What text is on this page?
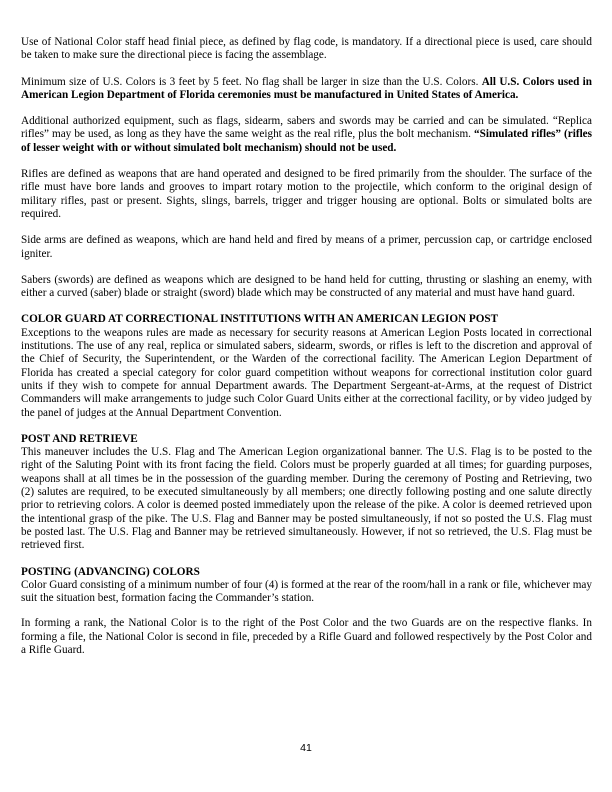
Use of National Color staff head finial piece, as defined by flag code, is mandatory. If a directional piece is used, care should be taken to make sure the directional piece is facing the assemblage.

Minimum size of U.S. Colors is 3 feet by 5 feet. No flag shall be larger in size than the U.S. Colors. All U.S. Colors used in American Legion Department of Florida ceremonies must be manufactured in United States of America.

Additional authorized equipment, such as flags, sidearm, sabers and swords may be carried and can be simulated. “Replica rifles” may be used, as long as they have the same weight as the real rifle, plus the bolt mechanism. “Simulated rifles” (rifles of lesser weight with or without simulated bolt mechanism) should not be used.

Rifles are defined as weapons that are hand operated and designed to be fired primarily from the shoulder. The surface of the rifle must have bore lands and grooves to impart rotary motion to the projectile, which conform to the original design of military rifles, past or present. Sights, slings, barrels, trigger and trigger housing are optional. Bolts or simulated bolts are required.

Side arms are defined as weapons, which are hand held and fired by means of a primer, percussion cap, or cartridge enclosed igniter.

Sabers (swords) are defined as weapons which are designed to be hand held for cutting, thrusting or slashing an enemy, with either a curved (saber) blade or straight (sword) blade which may be constructed of any material and must have hand guard.

COLOR GUARD AT CORRECTIONAL INSTITUTIONS WITH AN AMERICAN LEGION POST
Exceptions to the weapons rules are made as necessary for security reasons at American Legion Posts located in correctional institutions. The use of any real, replica or simulated sabers, sidearm, swords, or rifles is left to the discretion and approval of the Chief of Security, the Superintendent, or the Warden of the correctional facility. The American Legion Department of Florida has created a special category for color guard competition without weapons for correctional institution color guard units if they wish to compete for annual Department awards. The Department Sergeant-at-Arms, at the request of District Commanders will make arrangements to judge such Color Guard Units either at the correctional facility, or by video judged by the panel of judges at the Annual Department Convention.

POST AND RETRIEVE
This maneuver includes the U.S. Flag and The American Legion organizational banner. The U.S. Flag is to be posted to the right of the Saluting Point with its front facing the field. Colors must be properly guarded at all times; for guarding purposes, weapons shall at all times be in the possession of the guarding member. During the ceremony of Posting and Retrieving, two (2) salutes are required, to be executed simultaneously by all members; one directly following posting and one salute directly prior to retrieving colors. A color is deemed posted immediately upon the release of the pike. A color is deemed retrieved upon the intentional grasp of the pike. The U.S. Flag and Banner may be posted simultaneously, if not so posted the U.S. Flag must be posted last. The U.S. Flag and Banner may be retrieved simultaneously. However, if not so retrieved, the U.S. Flag must be retrieved first.

POSTING (ADVANCING) COLORS
Color Guard consisting of a minimum number of four (4) is formed at the rear of the room/hall in a rank or file, whichever may suit the situation best, formation facing the Commander’s station.

In forming a rank, the National Color is to the right of the Post Color and the two Guards are on the respective flanks. In forming a file, the National Color is second in file, preceded by a Rifle Guard and followed respectively by the Post Color and a Rifle Guard.

41
